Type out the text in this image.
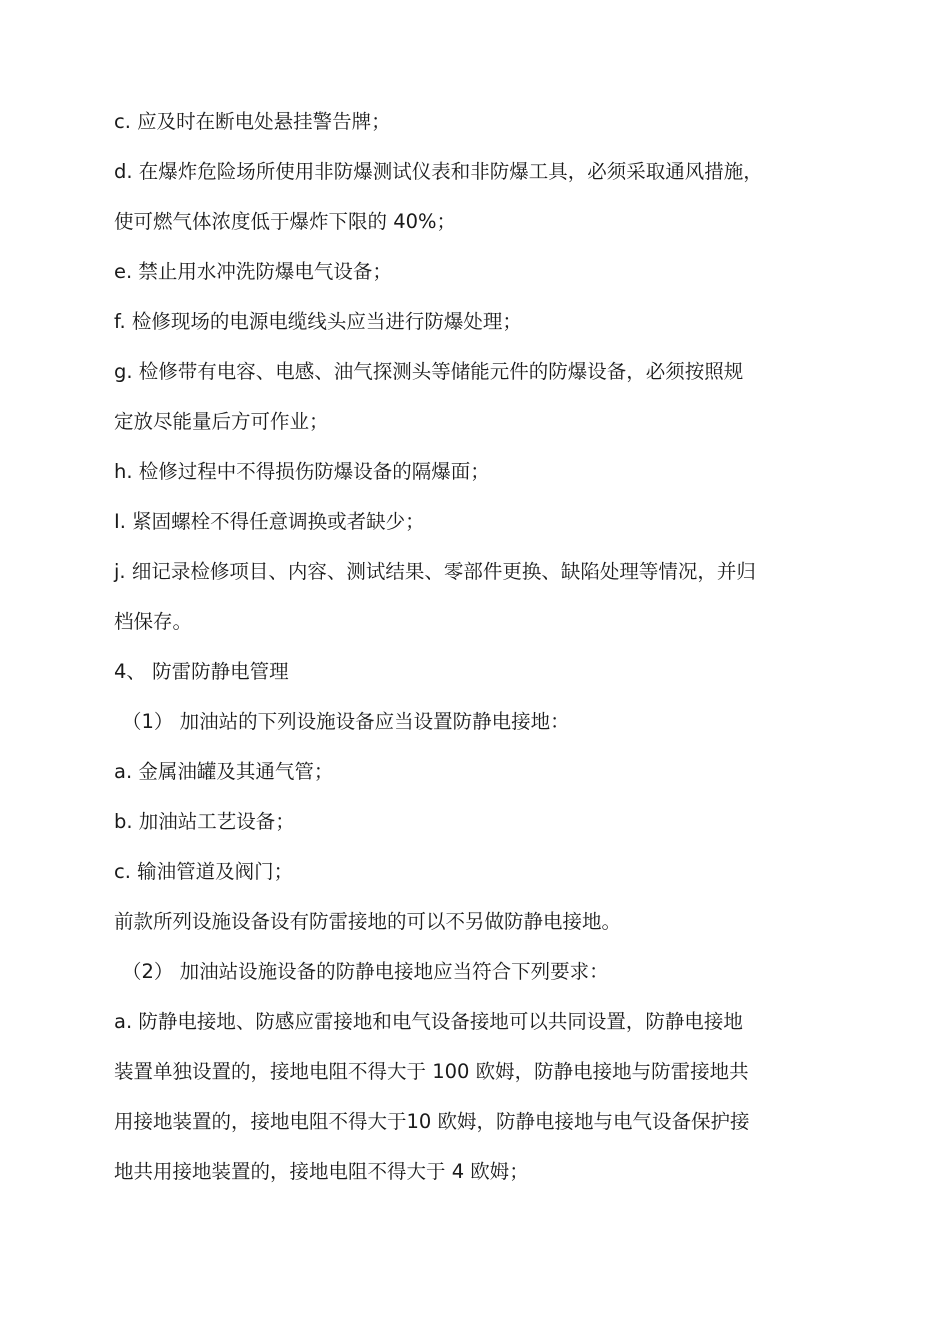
c. 应及时在断电处悬挂警告牌；
d. 在爆炸危险场所使用非防爆测试仪表和非防爆工具，必须采取通风措施，
使可燃气体浓度低于爆炸下限的 40%；
e. 禁止用水冲洗防爆电气设备；
f. 检修现场的电源电缆线头应当进行防爆处理；
g. 检修带有电容、电感、油气探测头等储能元件的防爆设备，必须按照规
定放尽能量后方可作业；
h. 检修过程中不得损伤防爆设备的隔爆面；
I. 紧固螺栓不得任意调换或者缺少；
j. 细记录检修项目、内容、测试结果、零部件更换、缺陷处理等情况，并归
档保存。
4、 防雷防静电管理
（1） 加油站的下列设施设备应当设置防静电接地：
a. 金属油罐及其通气管；
b. 加油站工艺设备；
c. 输油管道及阀门；
前款所列设施设备设有防雷接地的可以不另做防静电接地。
（2） 加油站设施设备的防静电接地应当符合下列要求：
a. 防静电接地、防感应雷接地和电气设备接地可以共同设置，防静电接地
装置单独设置的，接地电阻不得大于 100 欧姆，防静电接地与防雷接地共
用接地装置的，接地电阻不得大于10 欧姆，防静电接地与电气设备保护接
地共用接地装置的，接地电阻不得大于 4 欧姆；
